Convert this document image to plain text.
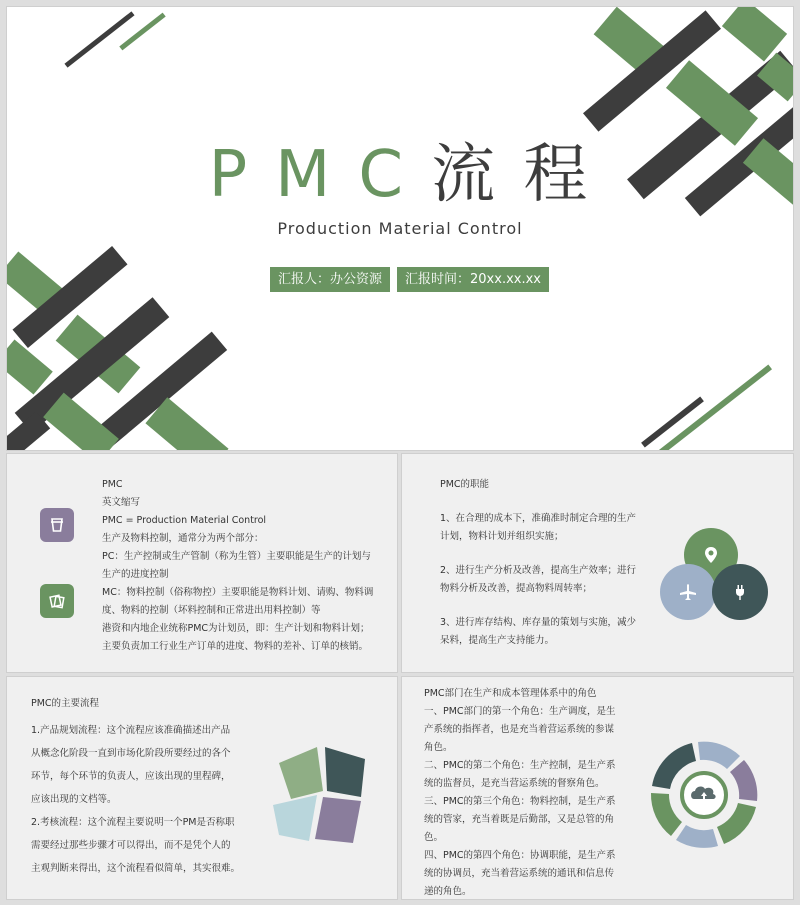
PMC流 程
Production Material Control
汇报人：办公资源	汇报时间：20xx.xx.xx

PMC

英文缩写

PMC = Production Material Control

生产及物料控制，通常分为两个部分：

PC：生产控制或生产管制（称为生管）主要职能是生产的计划与

生产的进度控制

MC：物料控制（俗称物控）主要职能是物料计划、请购、物料调

度、物料的控制（坏料控制和正常进出用料控制）等

港资和内地企业统称PMC为计划员，即：生产计划和物料计划；

主要负责加工行业生产订单的进度、物料的差补、订单的核销。

PMC的职能

1、在合理的成本下，准确准时制定合理的生产

计划，物料计划并组织实施；

2、进行生产分析及改善，提高生产效率；进行

物料分析及改善，提高物料周转率；

3、进行库存结构、库存量的策划与实施，减少

呆料，提高生产支持能力。

PMC的主要流程

1.产品规划流程：这个流程应该准确描述出产品

从概念化阶段一直到市场化阶段所要经过的各个

环节，每个环节的负责人，应该出现的里程碑，

应该出现的文档等。

2.考核流程：这个流程主要说明一个PM是否称职

需要经过那些步骤才可以得出，而不是凭个人的

主观判断来得出，这个流程看似简单，其实很难。

PMC部门在生产和成本管理体系中的角色

一、PMC部门的第一个角色：生产调度，是生

产系统的指挥者，也是充当着营运系统的参谋

角色。

二、PMC的第二个角色：生产控制，是生产系

统的监督员，是充当营运系统的督察角色。

三、PMC的第三个角色：物料控制，是生产系

统的管家，充当着既是后勤部，又是总管的角

色。

四、PMC的第四个角色：协调职能，是生产系

统的协调员，充当着营运系统的通讯和信息传

递的角色。
